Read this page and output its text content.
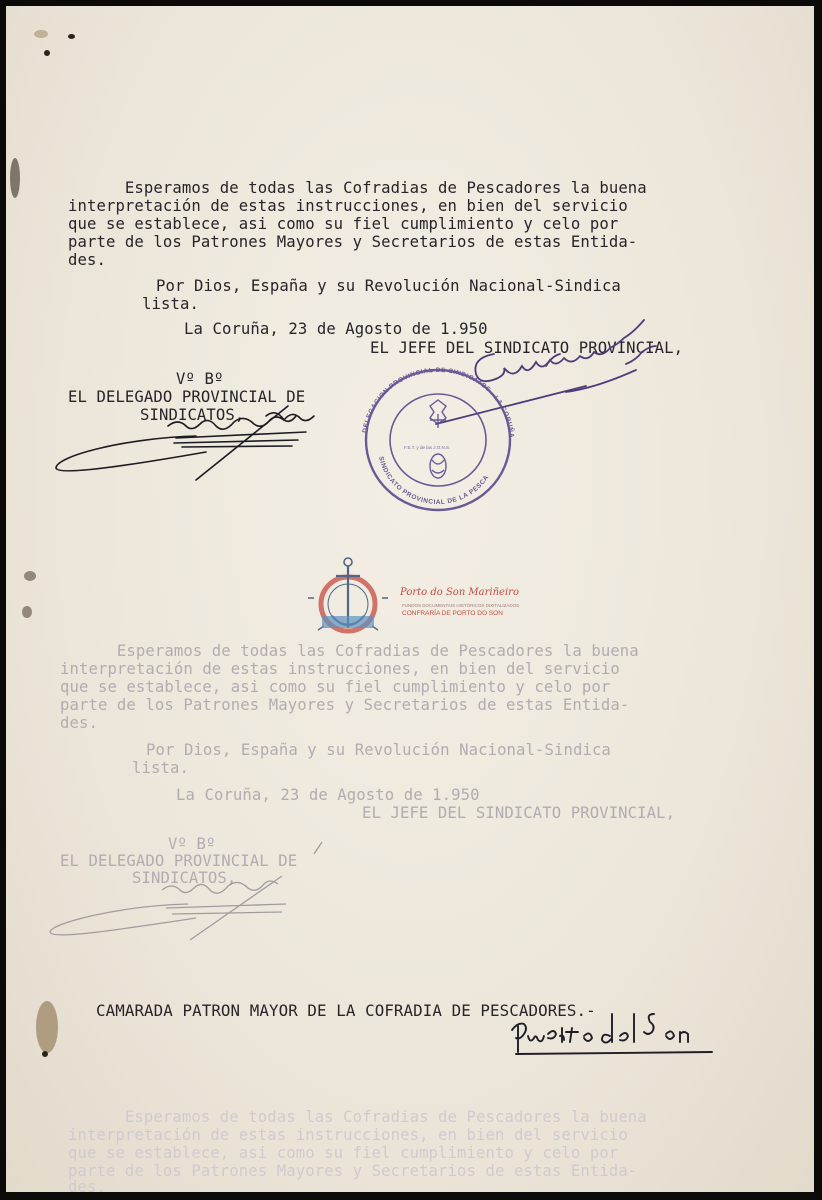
Esperamos de todas las Cofradias de Pescadores la buena
interpretación de estas instrucciones, en bien del servicio
que se establece, asi como su fiel cumplimiento y celo por
parte de los Patrones Mayores y Secretarios de estas Entida-
des.
Por Dios, España y su Revolución Nacional-Sindica
lista.
La Coruña, 23 de Agosto de 1.950
EL JEFE DEL SINDICATO PROVINCIAL,
Vº Bº
EL DELEGADO PROVINCIAL DE
SINDICATOS,
DELEGACION PROVINCIAL DE SINDICATOS - LA CORUÑA
SINDICATO PROVINCIAL DE LA PESCA
F.E.T. y de las J.O.N.S.
Porto do Son Mariñeiro
FUNDOS DOCUMENTAIS HISTÓRICOS DIXITALIZADOS
CONFRARÍA DE PORTO DO SON
Esperamos de todas las Cofradias de Pescadores la buena
interpretación de estas instrucciones, en bien del servicio
que se establece, asi como su fiel cumplimiento y celo por
parte de los Patrones Mayores y Secretarios de estas Entida-
des.
Por Dios, España y su Revolución Nacional-Sindica
lista.
La Coruña, 23 de Agosto de 1.950
EL JEFE DEL SINDICATO PROVINCIAL,
Vº Bº
EL DELEGADO PROVINCIAL DE
SINDICATOS,
CAMARADA PATRON MAYOR DE LA COFRADIA DE PESCADORES.-
Esperamos de todas las Cofradias de Pescadores la buena
interpretación de estas instrucciones, en bien del servicio
que se establece, asi como su fiel cumplimiento y celo por
parte de los Patrones Mayores y Secretarios de estas Entida-
des.
